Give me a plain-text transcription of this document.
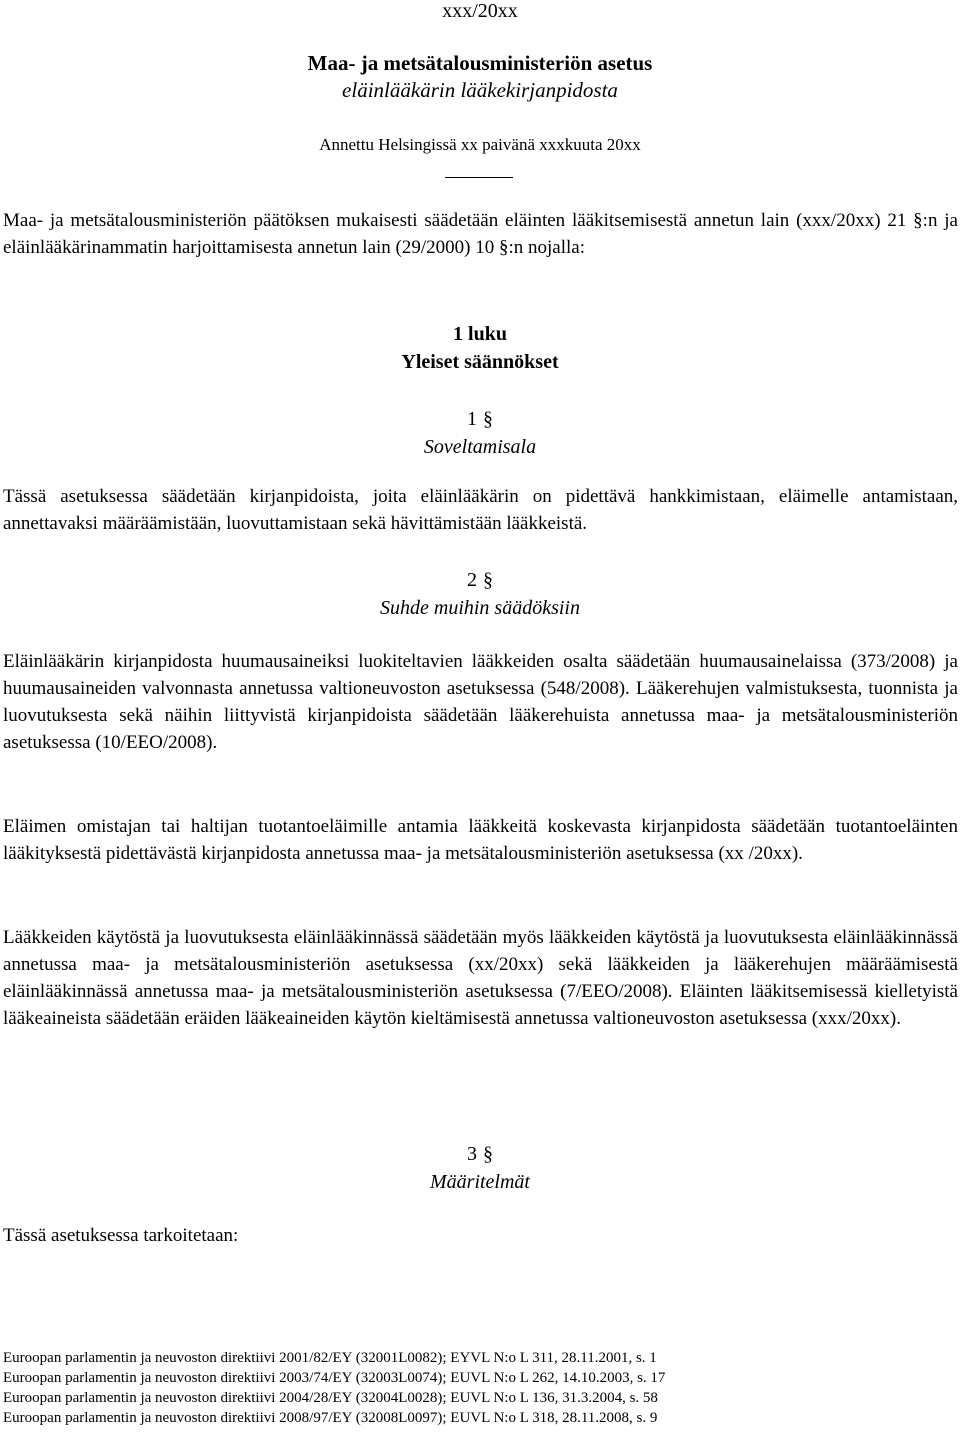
xxx/20xx
Maa- ja metsätalousministeriön asetus
eläinlääkärin lääkekirjanpidosta
Annettu Helsingissä xx paivänä xxxkuuta 20xx
Maa- ja metsätalousministeriön päätöksen mukaisesti säädetään eläinten lääkitsemisestä annetun lain (xxx/20xx) 21 §:n ja eläinlääkärinammatin harjoittamisesta annetun lain (29/2000) 10 §:n nojalla:
1 luku
Yleiset säännökset
1 §
Soveltamisala
Tässä asetuksessa säädetään kirjanpidoista, joita eläinlääkärin on pidettävä hankkimistaan, eläimelle antamistaan, annettavaksi määräämistään, luovuttamistaan sekä hävittämistään lääkkeistä.
2 §
Suhde muihin säädöksiin
Eläinlääkärin kirjanpidosta huumausaineiksi luokiteltavien lääkkeiden osalta säädetään huumausainelaissa (373/2008) ja huumausaineiden valvonnasta annetussa valtioneuvoston asetuksessa (548/2008). Lääkerehujen valmistuksesta, tuonnista ja luovutuksesta sekä näihin liittyvistä kirjanpidoista säädetään lääkerehuista annetussa maa- ja metsätalousministeriön asetuksessa (10/EEO/2008).
Eläimen omistajan tai haltijan tuotantoeläimille antamia lääkkeitä koskevasta kirjanpidosta säädetään tuotantoeläinten lääkityksestä pidettävästä kirjanpidosta annetussa maa- ja metsätalousministeriön asetuksessa (xx /20xx).
Lääkkeiden käytöstä ja luovutuksesta eläinlääkinnässä säädetään myös lääkkeiden käytöstä ja luovutuksesta eläinlääkinnässä annetussa maa- ja metsätalousministeriön asetuksessa (xx/20xx) sekä lääkkeiden ja lääkerehujen määräämisestä eläinlääkinnässä annetussa maa- ja metsätalousministeriön asetuksessa (7/EEO/2008). Eläinten lääkitsemisessä kielletyistä lääkeaineista säädetään eräiden lääkeaineiden käytön kieltämisestä annetussa valtioneuvoston asetuksessa (xxx/20xx).
3 §
Määritelmät
Tässä asetuksessa tarkoitetaan:
Euroopan parlamentin ja neuvoston direktiivi 2001/82/EY (32001L0082); EYVL N:o L 311, 28.11.2001, s. 1
Euroopan parlamentin ja neuvoston direktiivi 2003/74/EY (32003L0074); EUVL N:o L 262, 14.10.2003, s. 17
Euroopan parlamentin ja neuvoston direktiivi 2004/28/EY (32004L0028); EUVL N:o L 136, 31.3.2004, s. 58
Euroopan parlamentin ja neuvoston direktiivi 2008/97/EY (32008L0097); EUVL N:o L 318, 28.11.2008, s. 9
